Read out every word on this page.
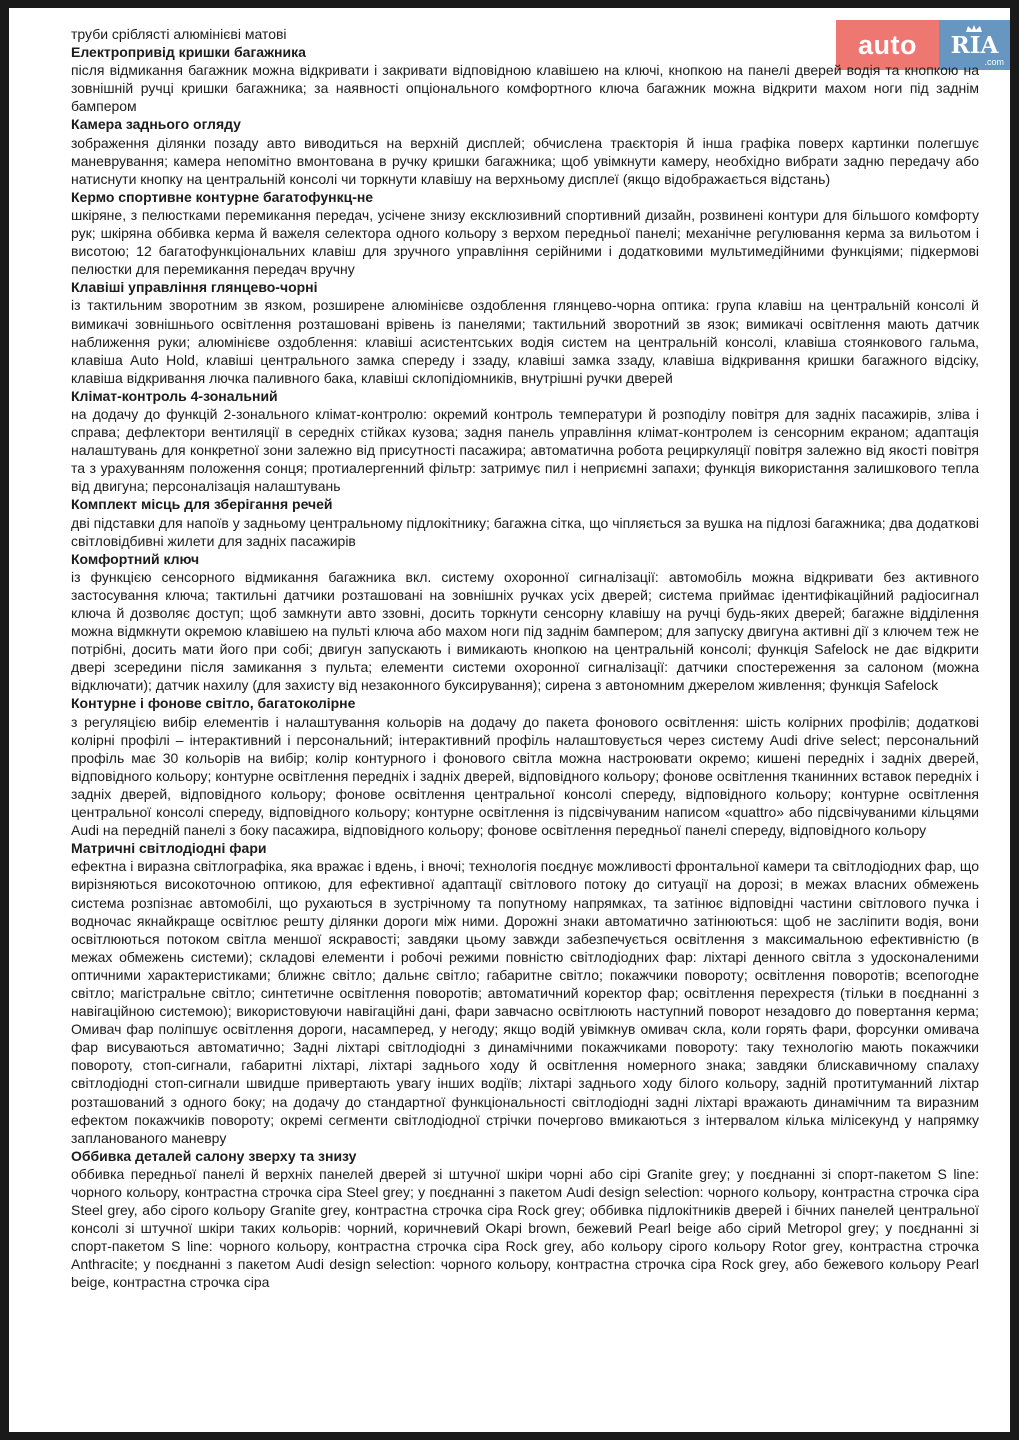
auto	RIA
.com

труби сріблясті алюмінієві матові

Електропривід кришки багажника

після відмикання багажник можна відкривати і закривати відповідною клавішею на ключі, кнопкою на панелі дверей водія та кнопкою на зовнішній ручці кришки багажника; за наявності опціонального комфортного ключа багажник можна відкрити махом ноги під заднім бампером

Камера заднього огляду

зображення ділянки позаду авто виводиться на верхній дисплей; обчислена траєкторія й інша графіка поверх картинки полегшує маневрування; камера непомітно вмонтована в ручку кришки багажника; щоб увімкнути камеру, необхідно вибрати задню передачу або натиснути кнопку на центральній консолі чи торкнути клавішу на верхньому дисплеї (якщо відображається відстань)

Кермо спортивне контурне багатофункц-не

шкіряне, з пелюстками перемикання передач, усічене знизу ексклюзивний спортивний дизайн, розвинені контури для більшого комфорту рук; шкіряна оббивка керма й важеля селектора одного кольору з верхом передньої панелі; механічне регулювання керма за вильотом і висотою; 12 багатофункціональних клавіш для зручного управління серійними і додатковими мультимедійними функціями; підкермові пелюстки для перемикання передач вручну

Клавіші управління глянцево-чорні

із тактильним зворотним зв язком, розширене алюмінієве оздоблення глянцево-чорна оптика: група клавіш на центральній консолі й вимикачі зовнішнього освітлення розташовані врівень із панелями; тактильний зворотний зв язок; вимикачі освітлення мають датчик наближення руки; алюмінієве оздоблення: клавіші асистентських водія систем на центральній консолі, клавіша стоянкового гальма, клавіша Auto Hold, клавіші центрального замка спереду і ззаду, клавіші замка ззаду, клавіша відкривання кришки багажного відсіку, клавіша відкривання лючка паливного бака, клавіші склопідіомників, внутрішні ручки дверей

Клімат-контроль 4-зональний

на додачу до функцій 2-зонального клімат-контролю: окремий контроль температури й розподілу повітря для задніх пасажирів, зліва і справа; дефлектори вентиляції в середніх стійках кузова; задня панель управління клімат-контролем із сенсорним екраном; адаптація налаштувань для конкретної зони залежно від присутності пасажира; автоматична робота рециркуляції повітря залежно від якості повітря та з урахуванням положення сонця; протиалергенний фільтр: затримує пил і неприємні запахи; функція використання залишкового тепла від двигуна; персоналізація налаштувань

Комплект місць для зберігання речей

дві підставки для напоїв у задньому центральному підлокітнику; багажна сітка, що чіпляється за вушка на підлозі багажника; два додаткові світловідбивні жилети для задніх пасажирів

Комфортний ключ

із функцією сенсорного відмикання багажника вкл. систему охоронної сигналізації: автомобіль можна відкривати без активного застосування ключа; тактильні датчики розташовані на зовнішніх ручках усіх дверей; система приймає ідентифікаційний радіосигнал ключа й дозволяє доступ; щоб замкнути авто ззовні, досить торкнути сенсорну клавішу на ручці будь-яких дверей; багажне відділення можна відмкнути окремою клавішею на пульті ключа або махом ноги під заднім бампером; для запуску двигуна активні дії з ключем теж не потрібні, досить мати його при собі; двигун запускають і вимикають кнопкою на центральній консолі; функція Safelock не дає відкрити двері зсередини після замикання з пульта; елементи системи охоронної сигналізації: датчики спостереження за салоном (можна відключати); датчик нахилу (для захисту від незаконного буксирування); сирена з автономним джерелом живлення; функція Safelock

Контурне і фонове світло, багатоколірне

з регуляцією вибір елементів і налаштування кольорів на додачу до пакета фонового освітлення: шість колірних профілів; додаткові колірні профілі – інтерактивний і персональний; інтерактивний профіль налаштовується через систему Audi drive select; персональний профіль має 30 кольорів на вибір; колір контурного і фонового світла можна настроювати окремо; кишені передніх і задніх дверей, відповідного кольору; контурне освітлення передніх і задніх дверей, відповідного кольору; фонове освітлення тканинних вставок передніх і задніх дверей, відповідного кольору; фонове освітлення центральної консолі спереду, відповідного кольору; контурне освітлення центральної консолі спереду, відповідного кольору; контурне освітлення із підсвічуваним написом «quattro» або підсвічуваними кільцями Audi на передній панелі з боку пасажира, відповідного кольору; фонове освітлення передньої панелі спереду, відповідного кольору

Матричні світлодіодні фари

ефектна і виразна світлографіка, яка вражає і вдень, і вночі; технологія поєднує можливості фронтальної камери та світлодіодних фар, що вирізняються високоточною оптикою, для ефективної адаптації світлового потоку до ситуації на дорозі; в межах власних обмежень система розпізнає автомобілі, що рухаються в зустрічному та попутному напрямках, та затінює відповідні частини світлового пучка і водночас якнайкраще освітлює решту ділянки дороги між ними. Дорожні знаки автоматично затінюються: щоб не засліпити водія, вони освітлюються потоком світла меншої яскравості; завдяки цьому завжди забезпечується освітлення з максимальною ефективністю (в межах обмежень системи); складові елементи і робочі режими повністю світлодіодних фар: ліхтарі денного світла з удосконаленими оптичними характеристиками; ближнє світло; дальнє світло; габаритне світло; покажчики повороту; освітлення поворотів; всепогодне світло; магістральне світло; синтетичне освітлення поворотів; автоматичний коректор фар; освітлення перехрестя (тільки в поєднанні з навігаційною системою); використовуючи навігаційні дані, фари завчасно освітлюють наступний поворот незадовго до повертання керма; Омивач фар поліпшує освітлення дороги, насамперед, у негоду; якщо водій увімкнув омивач скла, коли горять фари, форсунки омивача фар висуваються автоматично; Задні ліхтарі світлодіодні з динамічними покажчиками повороту: таку технологію мають покажчики повороту, стоп-сигнали, габаритні ліхтарі, ліхтарі заднього ходу й освітлення номерного знака; завдяки блискавичному спалаху світлодіодні стоп-сигнали швидше привертають увагу інших водіїв; ліхтарі заднього ходу білого кольору, задній протитуманний ліхтар розташований з одного боку; на додачу до стандартної функціональності світлодіодні задні ліхтарі вражають динамічним та виразним ефектом покажчиків повороту; окремі сегменти світлодіодної стрічки почергово вмикаються з інтервалом кілька мілісекунд у напрямку запланованого маневру

Оббивка деталей салону зверху та знизу

оббивка передньої панелі й верхніх панелей дверей зі штучної шкіри чорні або сірі Granite grey; у поєднанні зі спорт-пакетом S line: чорного кольору, контрастна строчка сіра Steel grey; у поєднанні з пакетом Audi design selection: чорного кольору, контрастна строчка сіра Steel grey, або сірого кольору Granite grey, контрастна строчка сіра Rock grey; оббивка підлокітників дверей і бічних панелей центральної консолі зі штучної шкіри таких кольорів: чорний, коричневий Okapi brown, бежевий Pearl beige або сірий Metropol grey; у поєднанні зі спорт-пакетом S line: чорного кольору, контрастна строчка сіра Rock grey, або кольору сірого кольору Rotor grey, контрастна строчка Anthracite; у поєднанні з пакетом Audi design selection: чорного кольору, контрастна строчка сіра Rock grey, або бежевого кольору Pearl beige, контрастна строчка сіра
